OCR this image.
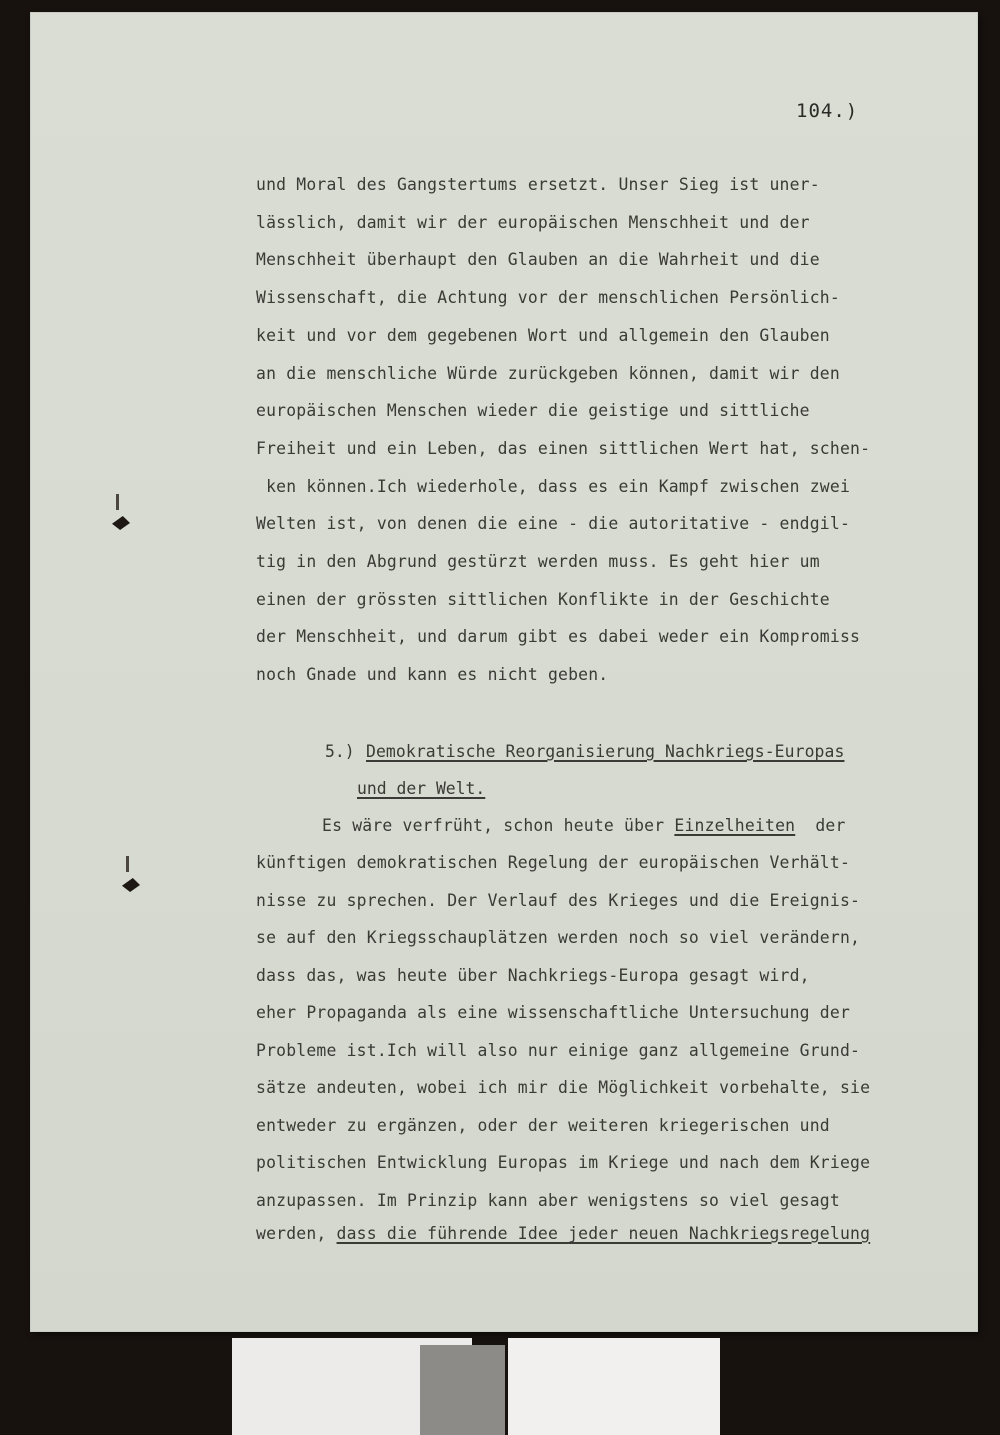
104.)
und Moral des Gangstertums ersetzt. Unser Sieg ist uner-
lässlich, damit wir der europäischen Menschheit und der
Menschheit überhaupt den Glauben an die Wahrheit und die
Wissenschaft, die Achtung vor der menschlichen Persönlich-
keit und vor dem gegebenen Wort und allgemein den Glauben
an die menschliche Würde zurückgeben können, damit wir den
europäischen Menschen wieder die geistige und sittliche
Freiheit und ein Leben, das einen sittlichen Wert hat, schen-
ken können.Ich wiederhole, dass es ein Kampf zwischen zwei
Welten ist, von denen die eine - die autoritative - endgil-
tig in den Abgrund gestürzt werden muss. Es geht hier um
einen der grössten sittlichen Konflikte in der Geschichte
der Menschheit, und darum gibt es dabei weder ein Kompromiss
noch Gnade und kann es nicht geben.
5.) Demokratische Reorganisierung Nachkriegs-Europas
und der Welt.
Es wäre verfrüht, schon heute über Einzelheiten  der
künftigen demokratischen Regelung der europäischen Verhält-
nisse zu sprechen. Der Verlauf des Krieges und die Ereignis-
se auf den Kriegsschauplätzen werden noch so viel verändern,
dass das, was heute über Nachkriegs-Europa gesagt wird,
eher Propaganda als eine wissenschaftliche Untersuchung der
Probleme ist.Ich will also nur einige ganz allgemeine Grund-
sätze andeuten, wobei ich mir die Möglichkeit vorbehalte, sie
entweder zu ergänzen, oder der weiteren kriegerischen und
politischen Entwicklung Europas im Kriege und nach dem Kriege
anzupassen. Im Prinzip kann aber wenigstens so viel gesagt
werden, dass die führende Idee jeder neuen Nachkriegsregelung
